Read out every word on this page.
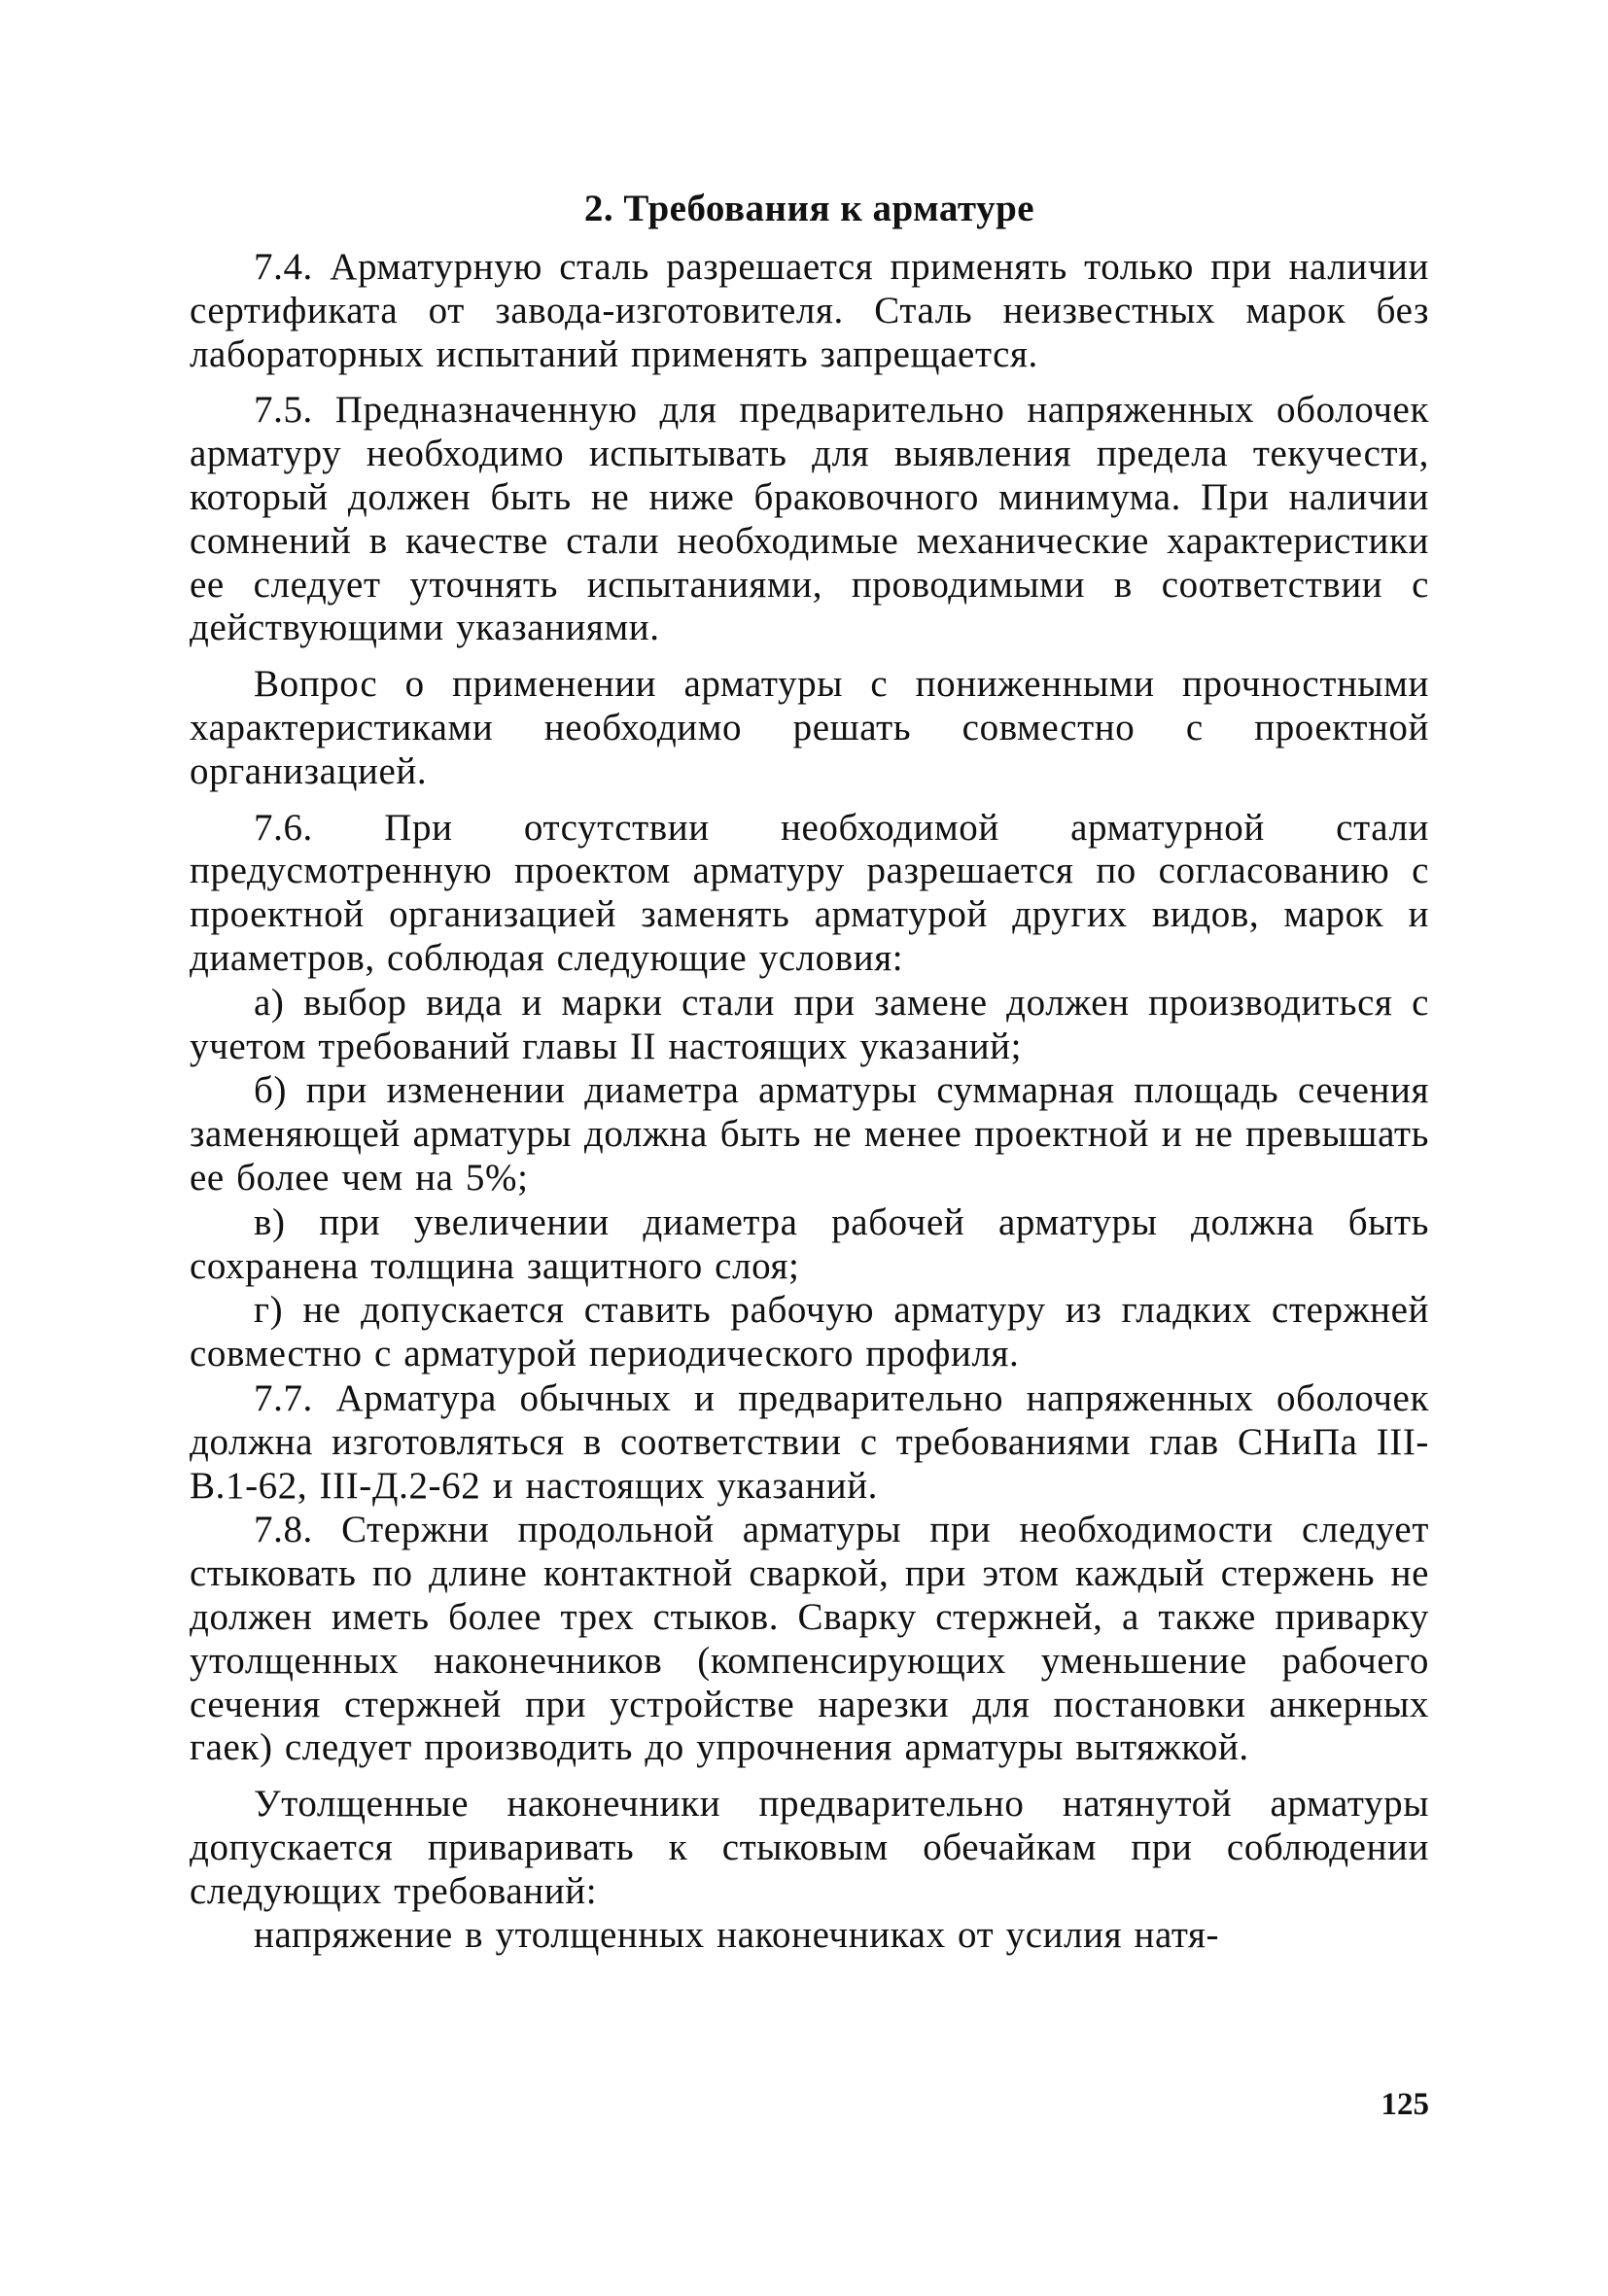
2. Требования к арматуре

7.4. Арматурную сталь разрешается применять только при наличии сертификата от завода-изготовителя. Сталь неизвестных марок без лабораторных испытаний применять запрещается.

7.5. Предназначенную для предварительно напряженных оболочек арматуру необходимо испытывать для выявления предела текучести, который должен быть не ниже браковочного минимума. При наличии сомнений в качестве стали необходимые механические характеристики ее следует уточнять испытаниями, проводимыми в соответствии с действующими указаниями.

Вопрос о применении арматуры с пониженными прочностными характеристиками необходимо решать совместно с проектной организацией.

7.6. При отсутствии необходимой арматурной стали предусмотренную проектом арматуру разрешается по согласованию с проектной организацией заменять арматурой других видов, марок и диаметров, соблюдая следующие условия:

а) выбор вида и марки стали при замене должен производиться с учетом требований главы II настоящих указаний;

б) при изменении диаметра арматуры суммарная площадь сечения заменяющей арматуры должна быть не менее проектной и не превышать ее более чем на 5%;

в) при увеличении диаметра рабочей арматуры должна быть сохранена толщина защитного слоя;

г) не допускается ставить рабочую арматуру из гладких стержней совместно с арматурой периодического профиля.

7.7. Арматура обычных и предварительно напряженных оболочек должна изготовляться в соответствии с требованиями глав СНиПа III-В.1-62, III-Д.2-62 и настоящих указаний.

7.8. Стержни продольной арматуры при необходимости следует стыковать по длине контактной сваркой, при этом каждый стержень не должен иметь более трех стыков. Сварку стержней, а также приварку утолщенных наконечников (компенсирующих уменьшение рабочего сечения стержней при устройстве нарезки для постановки анкерных гаек) следует производить до упрочнения арматуры вытяжкой.

Утолщенные наконечники предварительно натянутой арматуры допускается приваривать к стыковым обечайкам при соблюдении следующих требований:

напряжение в утолщенных наконечниках от усилия натя-

125
